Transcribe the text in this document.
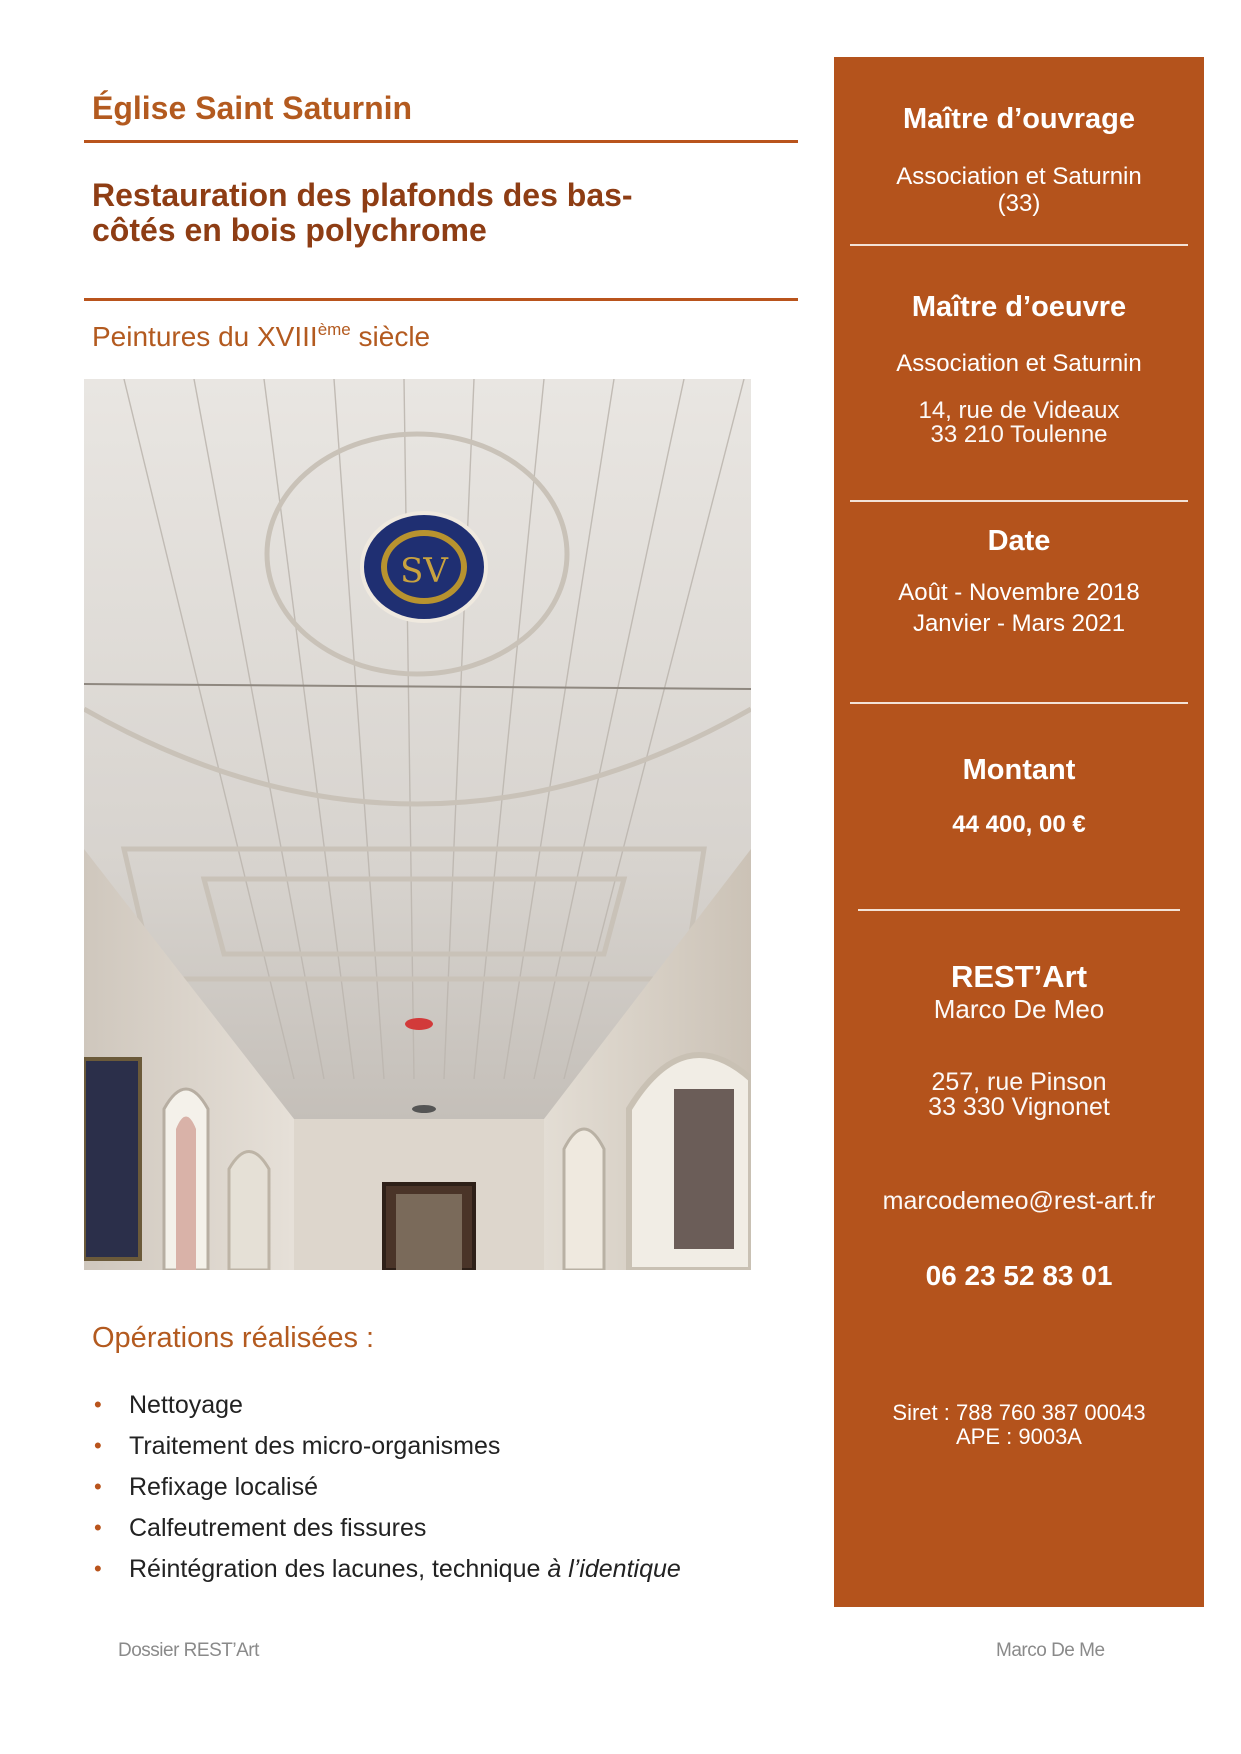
Église Saint Saturnin
Restauration des plafonds des bas-
côtés en bois polychrome
Peintures du XVIIIème siècle
SV
Opérations réalisées :
• Nettoyage
• Traitement des micro-organismes
• Refixage localisé
• Calfeutrement des fissures
• Réintégration des lacunes, technique à l’identique
Dossier REST’Art	Marco De Me
Maître d’ouvrage
Association et Saturnin
(33)
Maître d’oeuvre
Association et Saturnin
14, rue de Videaux
33 210 Toulenne
Date
Août - Novembre 2018
Janvier - Mars 2021
Montant
44 400, 00 €
REST’Art
Marco De Meo
257, rue Pinson
33 330 Vignonet
marcodemeo@rest-art.fr
06 23 52 83 01
Siret : 788 760 387 00043
APE : 9003A
